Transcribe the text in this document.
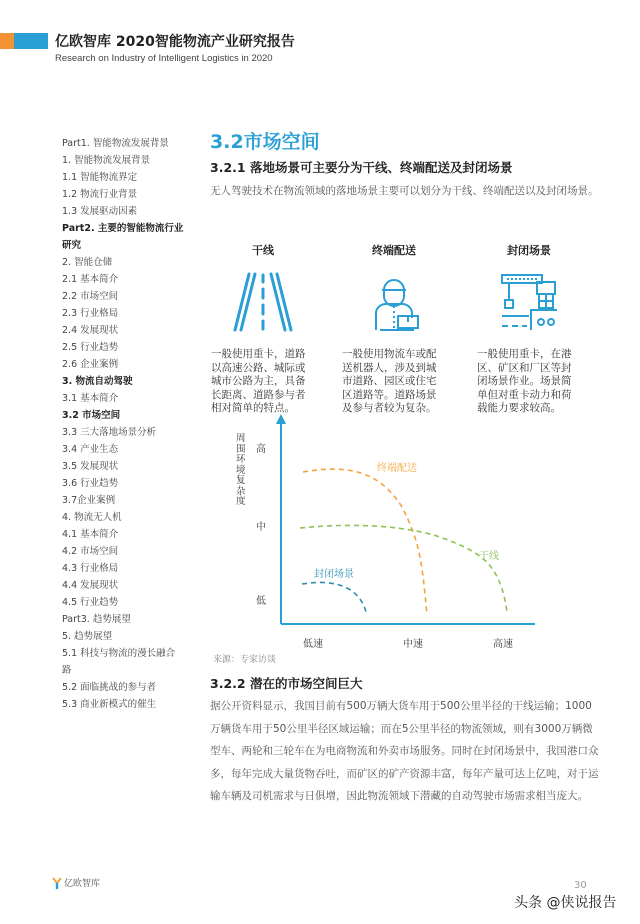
亿欧智库 2020智能物流产业研究报告
Research on Industry of Intelligent Logistics in 2020
Part1. 智能物流发展背景
1. 智能物流发展背景
1.1 智能物流界定
1.2 物流行业背景
1.3 发展驱动因素
Part2. 主要的智能物流行业
研究
2. 智能仓储
2.1 基本简介
2.2 市场空间
2.3 行业格局
2.4 发展现状
2.5 行业趋势
2.6 企业案例
3. 物流自动驾驶
3.1 基本简介
3.2 市场空间
3.3 三大落地场景分析
3.4 产业生态
3.5 发展现状
3.6 行业趋势
3.7企业案例
4. 物流无人机
4.1 基本简介
4.2 市场空间
4.3 行业格局
4.4 发展现状
4.5 行业趋势
Part3. 趋势展望
5. 趋势展望
5.1 科技与物流的漫长融合
路
5.2 面临挑战的参与者
5.3 商业新模式的催生
3.2市场空间
3.2.1 落地场景可主要分为干线、终端配送及封闭场景
无人驾驶技术在物流领域的落地场景主要可以划分为干线、终端配送以及封闭场景。
干线
一般使用重卡，道路以高速公路、城际或城市公路为主，具备长距离、道路参与者相对简单的特点。
终端配送
一般使用物流车或配送机器人，涉及到城市道路、园区或住宅区道路等。道路场景及参与者较为复杂。
封闭场景
一般使用重卡，在港区、矿区和厂区等封闭场景作业。场景简单但对重卡动力和荷载能力要求较高。
终端配送
干线
封闭场景
高
中
低
低速	中速	高速
周围环境复杂度
来源：专家访谈
3.2.2 潜在的市场空间巨大
据公开资料显示，我国目前有500万辆大货车用于500公里半径的干线运输；1000万辆货车用于50公里半径区域运输；而在5公里半径的物流领域，则有3000万辆微型车、两轮和三轮车在为电商物流和外卖市场服务。同时在封闭场景中，我国港口众多，每年完成大量货物吞吐，而矿区的矿产资源丰富，每年产量可达上亿吨，对于运输车辆及司机需求与日俱增，因此物流领域下潜藏的自动驾驶市场需求相当庞大。
亿欧智库	30
头条 @侠说报告
